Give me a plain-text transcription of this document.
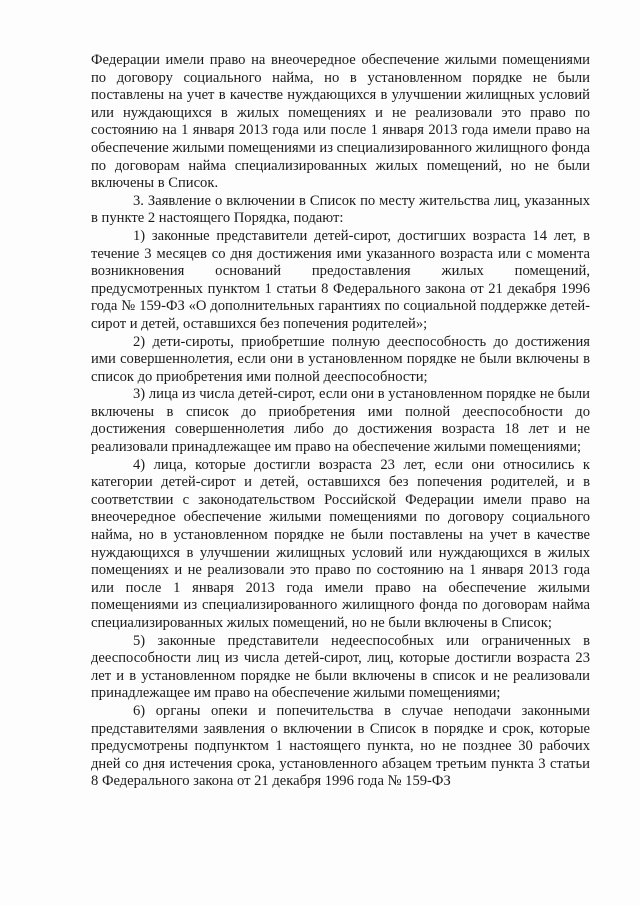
Федерации имели право на внеочередное обеспечение жилыми помещениями по договору социального найма, но в установленном порядке не были поставлены на учет в качестве нуждающихся в улучшении жилищных условий или нуждающихся в жилых помещениях и не реализовали это право по состоянию на 1 января 2013 года или после 1 января 2013 года имели право на обеспечение жилыми помещениями из специализированного жилищного фонда по договорам найма специализированных жилых помещений, но не были включены в Список.

3. Заявление о включении в Список по месту жительства лиц, указанных в пункте 2 настоящего Порядка, подают:

1) законные представители детей-сирот, достигших возраста 14 лет, в течение 3 месяцев со дня достижения ими указанного возраста или с момента возникновения оснований предоставления жилых помещений, предусмотренных пунктом 1 статьи 8 Федерального закона от 21 декабря 1996 года № 159-ФЗ «О дополнительных гарантиях по социальной поддержке детей-сирот и детей, оставшихся без попечения родителей»;

2) дети-сироты, приобретшие полную дееспособность до достижения ими совершеннолетия, если они в установленном порядке не были включены в список до приобретения ими полной дееспособности;

3) лица из числа детей-сирот, если они в установленном порядке не были включены в список до приобретения ими полной дееспособности до достижения совершеннолетия либо до достижения возраста 18 лет и не реализовали принадлежащее им право на обеспечение жилыми помещениями;

4) лица, которые достигли возраста 23 лет, если они относились к категории детей-сирот и детей, оставшихся без попечения родителей, и в соответствии с законодательством Российской Федерации имели право на внеочередное обеспечение жилыми помещениями по договору социального найма, но в установленном порядке не были поставлены на учет в качестве нуждающихся в улучшении жилищных условий или нуждающихся в жилых помещениях и не реализовали это право по состоянию на 1 января 2013 года или после 1 января 2013 года имели право на обеспечение жилыми помещениями из специализированного жилищного фонда по договорам найма специализированных жилых помещений, но не были включены в Список;

5) законные представители недееспособных или ограниченных в дееспособности лиц из числа детей-сирот, лиц, которые достигли возраста 23 лет и в установленном порядке не были включены в список и не реализовали принадлежащее им право на обеспечение жилыми помещениями;

6) органы опеки и попечительства в случае неподачи законными представителями заявления о включении в Список в порядке и срок, которые предусмотрены подпунктом 1 настоящего пункта, но не позднее 30 рабочих дней со дня истечения срока, установленного абзацем третьим пункта 3 статьи 8 Федерального закона от 21 декабря 1996 года № 159-ФЗ
